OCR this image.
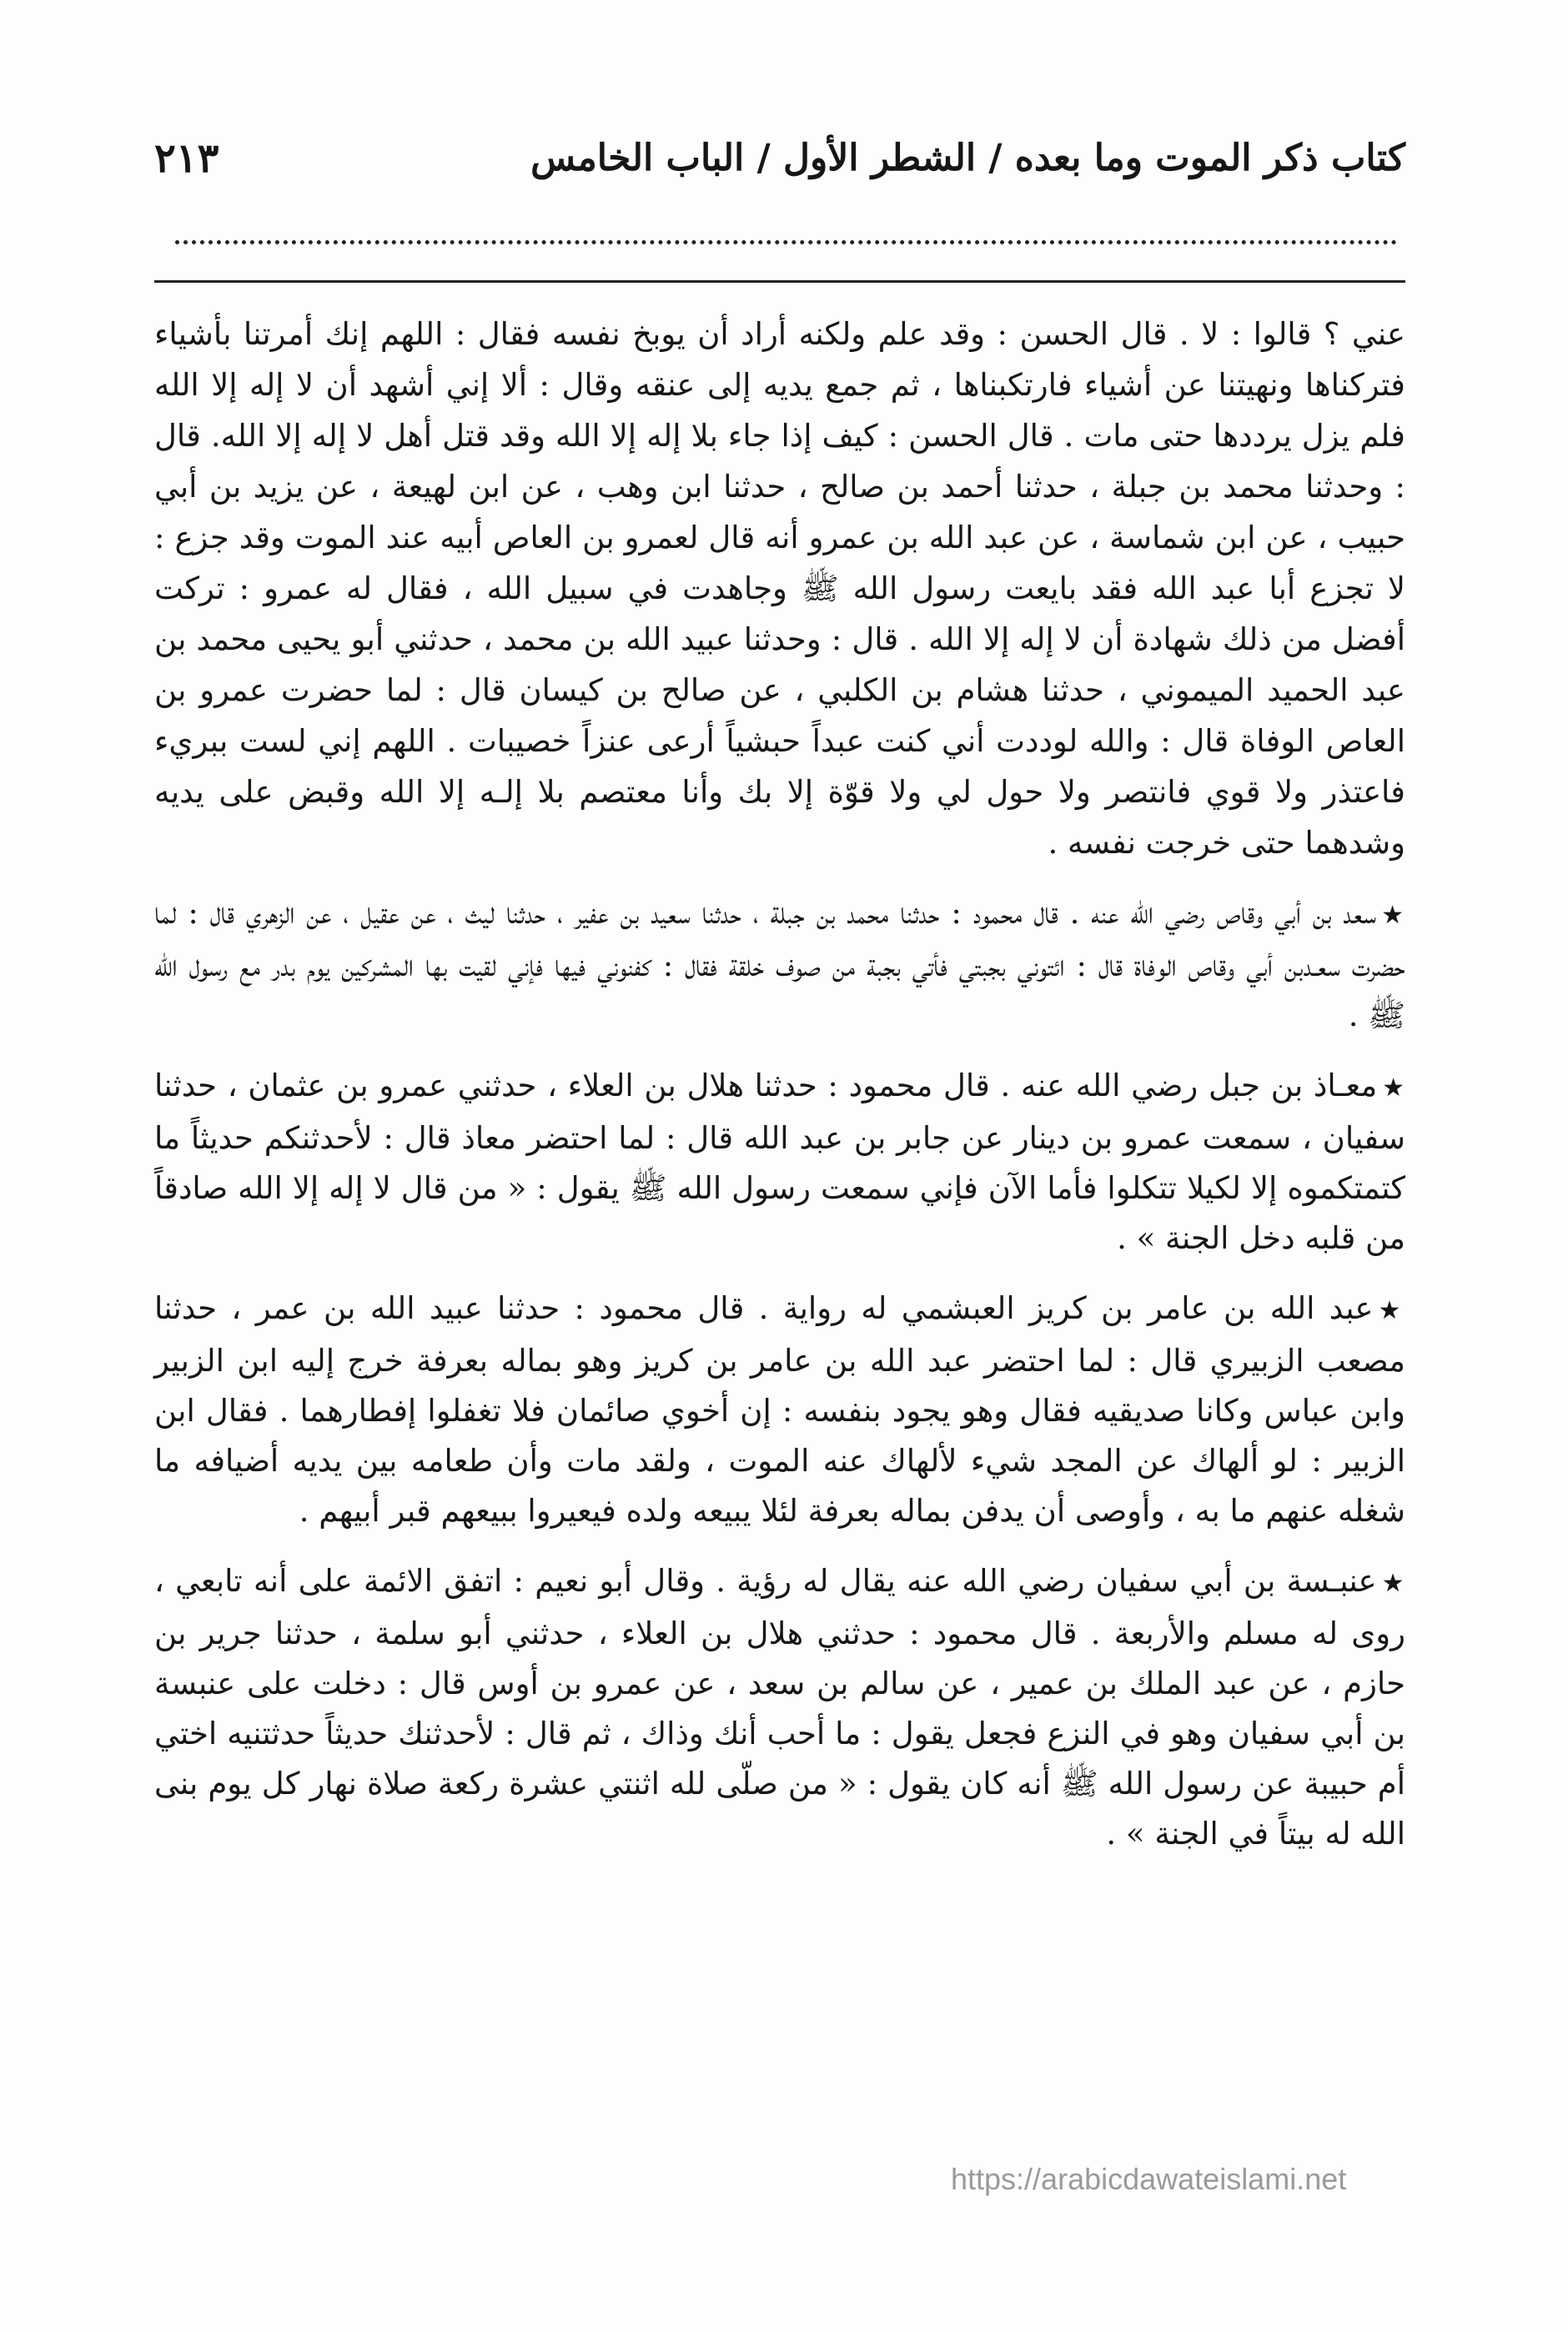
كتاب ذكر الموت وما بعده / الشطر الأول / الباب الخامس
٢١٣

عني ؟ قالوا : لا . قال الحسن : وقد علم ولكنه أراد أن يوبخ نفسه فقال : اللهم إنك أمرتنا بأشياء فتركناها ونهيتنا عن أشياء فارتكبناها ، ثم جمع يديه إلى عنقه وقال : ألا إني أشهد أن لا إله إلا الله فلم يزل يرددها حتى مات . قال الحسن : كيف إذا جاء بلا إله إلا الله وقد قتل أهل لا إله إلا الله. قال : وحدثنا محمد بن جبلة ، حدثنا أحمد بن صالح ، حدثنا ابن وهب ، عن ابن لهيعة ، عن يزيد بن أبي حبيب ، عن ابن شماسة ، عن عبد الله بن عمرو أنه قال لعمرو بن العاص أبيه عند الموت وقد جزع : لا تجزع أبا عبد الله فقد بايعت رسول الله ﷺ وجاهدت في سبيل الله ، فقال له عمرو : تركت أفضل من ذلك شهادة أن لا إله إلا الله . قال : وحدثنا عبيد الله بن محمد ، حدثني أبو يحيى محمد بن عبد الحميد الميموني ، حدثنا هشام بن الكلبي ، عن صالح بن كيسان قال : لما حضرت عمرو بن العاص الوفاة قال : والله لوددت أني كنت عبداً حبشياً أرعى عنزاً خصيبات . اللهم إني لست ببريء فاعتذر ولا قوي فانتصر ولا حول لي ولا قوّة إلا بك وأنا معتصم بلا إلـه إلا الله وقبض على يديه وشدهما حتى خرجت نفسه .

★سعد بن أبي وقاص رضي الله عنه . قال محمود : حدثنا محمد بن جبلة ، حدثنا سعيد بن عفير ، حدثنا ليث ، عن عقيل ، عن الزهري قال : لما حضرت سعـدبن أبي وقاص الوفاة قال : ائتوني بجبتي فأتي بجبة من صوف خلقة فقال : كفنوني فيها فإني لقيت بها المشركين يوم بدر مع رسول الله ﷺ .

★معـاذ بن جبل رضي الله عنه . قال محمود : حدثنا هلال بن العلاء ، حدثني عمرو بن عثمان ، حدثنا سفيان ، سمعت عمرو بن دينار عن جابر بن عبد الله قال : لما احتضر معاذ قال : لأحدثنكم حديثاً ما كتمتكموه إلا لكيلا تتكلوا فأما الآن فإني سمعت رسول الله ﷺ يقول : « من قال لا إله إلا الله صادقاً من قلبه دخل الجنة » .

★عبد الله بن عامر بن كريز العبشمي له رواية . قال محمود : حدثنا عبيد الله بن عمر ، حدثنا مصعب الزبيري قال : لما احتضر عبد الله بن عامر بن كريز وهو بماله بعرفة خرج إليه ابن الزبير وابن عباس وكانا صديقيه فقال وهو يجود بنفسه : إن أخوي صائمان فلا تغفلوا إفطارهما . فقال ابن الزبير : لو ألهاك عن المجد شيء لألهاك عنه الموت ، ولقد مات وأن طعامه بين يديه أضيافه ما شغله عنهم ما به ، وأوصى أن يدفن بماله بعرفة لئلا يبيعه ولده فيعيروا ببيعهم قبر أبيهم .

★عنبـسة بن أبي سفيان رضي الله عنه يقال له رؤية . وقال أبو نعيم : اتفق الائمة على أنه تابعي ، روى له مسلم والأربعة . قال محمود : حدثني هلال بن العلاء ، حدثني أبو سلمة ، حدثنا جرير بن حازم ، عن عبد الملك بن عمير ، عن سالم بن سعد ، عن عمرو بن أوس قال : دخلت على عنبسة بن أبي سفيان وهو في النزع فجعل يقول : ما أحب أنك وذاك ، ثم قال : لأحدثنك حديثاً حدثتنيه اختي أم حبيبة عن رسول الله ﷺ أنه كان يقول : « من صلّى لله اثنتي عشرة ركعة صلاة نهار كل يوم بنى الله له بيتاً في الجنة » .

https://arabicdawateislami.net
